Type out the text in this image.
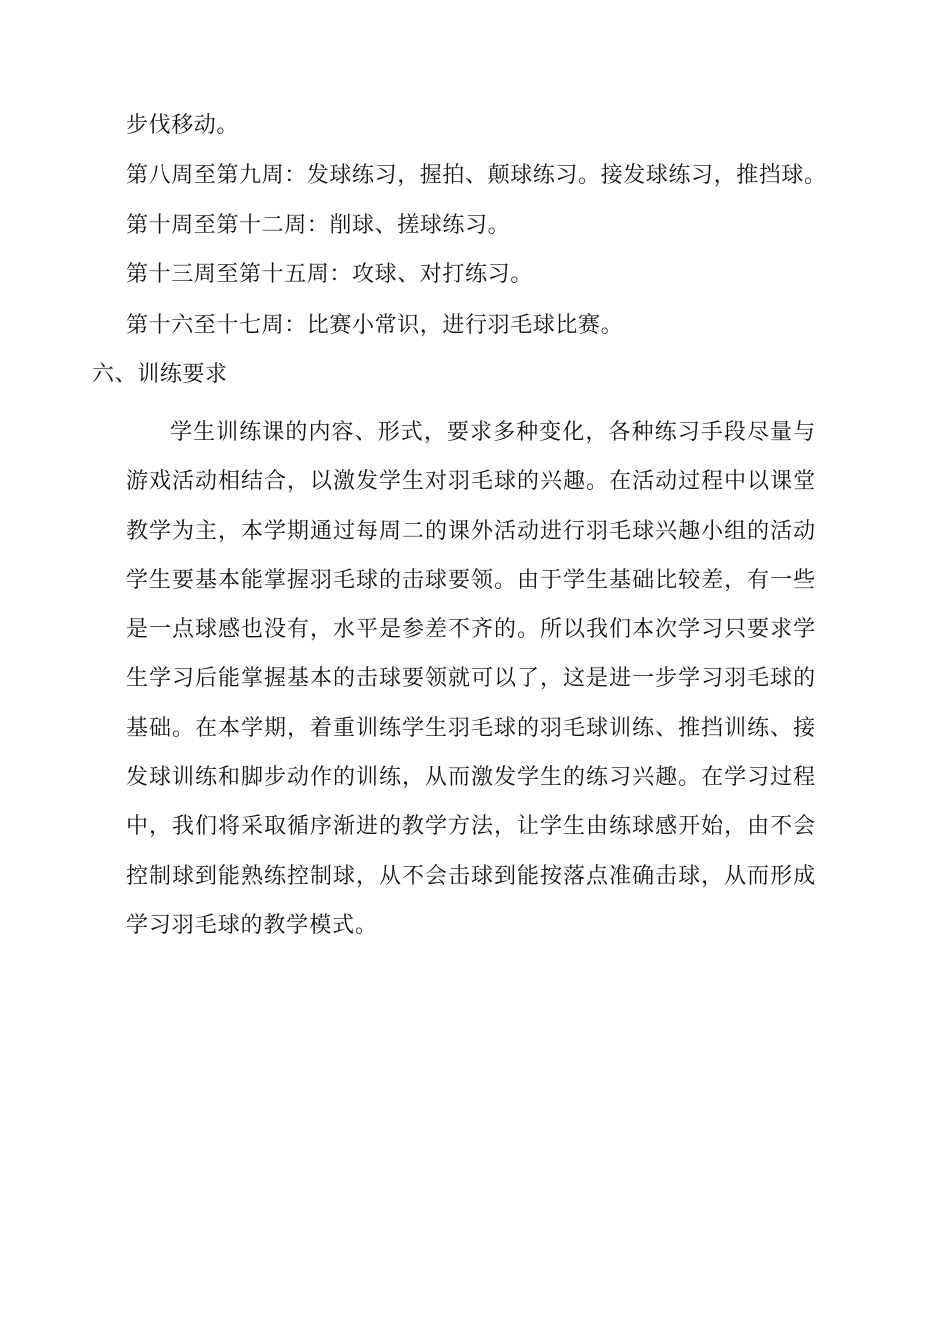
步伐移动。
第八周至第九周：发球练习，握拍、颠球练习。接发球练习，推挡球。
第十周至第十二周：削球、搓球练习。
第十三周至第十五周：攻球、对打练习。
第十六至十七周：比赛小常识，进行羽毛球比赛。
六、训练要求

学生训练课的内容、形式，要求多种变化，各种练习手段尽量与游戏活动相结合，以激发学生对羽毛球的兴趣。在活动过程中以课堂教学为主，本学期通过每周二的课外活动进行羽毛球兴趣小组的活动学生要基本能掌握羽毛球的击球要领。由于学生基础比较差，有一些是一点球感也没有，水平是参差不齐的。所以我们本次学习只要求学生学习后能掌握基本的击球要领就可以了，这是进一步学习羽毛球的基础。在本学期，着重训练学生羽毛球的羽毛球训练、推挡训练、接发球训练和脚步动作的训练，从而激发学生的练习兴趣。在学习过程中，我们将采取循序渐进的教学方法，让学生由练球感开始，由不会控制球到能熟练控制球，从不会击球到能按落点准确击球，从而形成学习羽毛球的教学模式。
